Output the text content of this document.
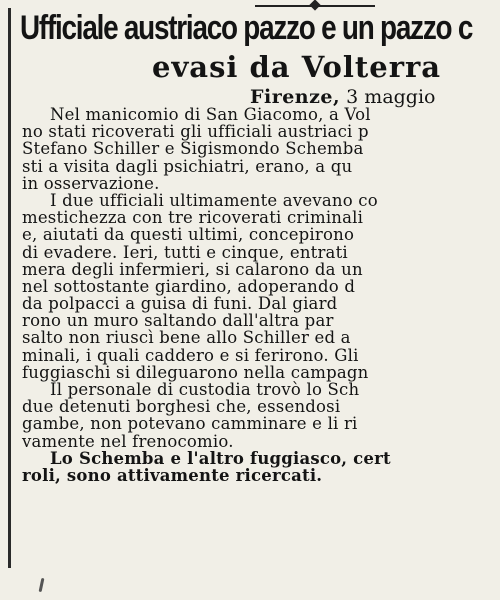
Ufficiale austriaco pazzo e un pazzo c
evasi da Volterra
Firenze, 3 maggio
Nel manicomio di San Giacomo, a Vol
no stati ricoverati gli ufficiali austriaci p
Stefano Schiller e Sigismondo Schemba
sti a visita dagli psichiatri, erano, a qu
in osservazione.
I due ufficiali ultimamente avevano co
mestichezza con tre ricoverati criminali
e, aiutati da questi ultimi, concepirono
di evadere. Ieri, tutti e cinque, entrati
mera degli infermieri, si calarono da un
nel sottostante giardino, adoperando d
da polpacci a guisa di funi. Dal giard
rono un muro saltando dall'altra par
salto non riuscì bene allo Schiller ed a
minali, i quali caddero e si ferirono. Gli
fuggiaschi si dileguarono nella campagn
Il personale di custodia trovò lo Sch
due detenuti borghesi che, essendosi
gambe, non potevano camminare e li ri
vamente nel frenocomio.
Lo Schemba e l'altro fuggiasco, cert
roli, sono attivamente ricercati.
